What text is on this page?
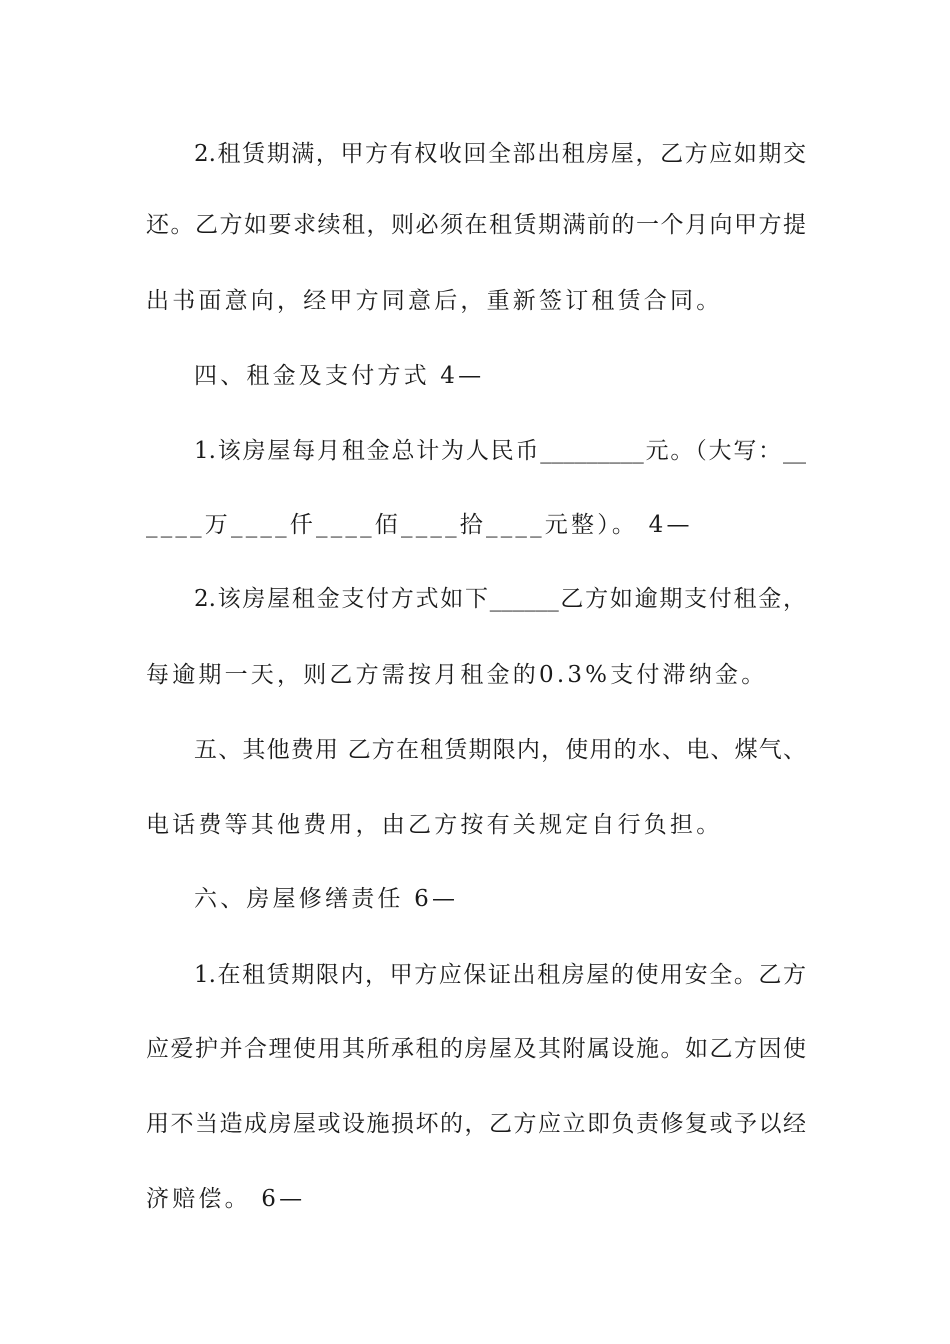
2.租赁期满，甲方有权收回全部出租房屋，乙方应如期交
还。乙方如要求续租，则必须在租赁期满前的一个月向甲方提
出书面意向，经甲方同意后，重新签订租赁合同。
四、租金及支付方式 4—
1.该房屋每月租金总计为人民币_________元。（大写：__
____万____仟____佰____拾____元整）。 4—
2.该房屋租金支付方式如下______乙方如逾期支付租金，
每逾期一天，则乙方需按月租金的0.3%支付滞纳金。
五、其他费用 乙方在租赁期限内，使用的水、电、煤气、
电话费等其他费用，由乙方按有关规定自行负担。
六、房屋修缮责任 6—
1.在租赁期限内，甲方应保证出租房屋的使用安全。乙方
应爱护并合理使用其所承租的房屋及其附属设施。如乙方因使
用不当造成房屋或设施损坏的，乙方应立即负责修复或予以经
济赔偿。 6—
